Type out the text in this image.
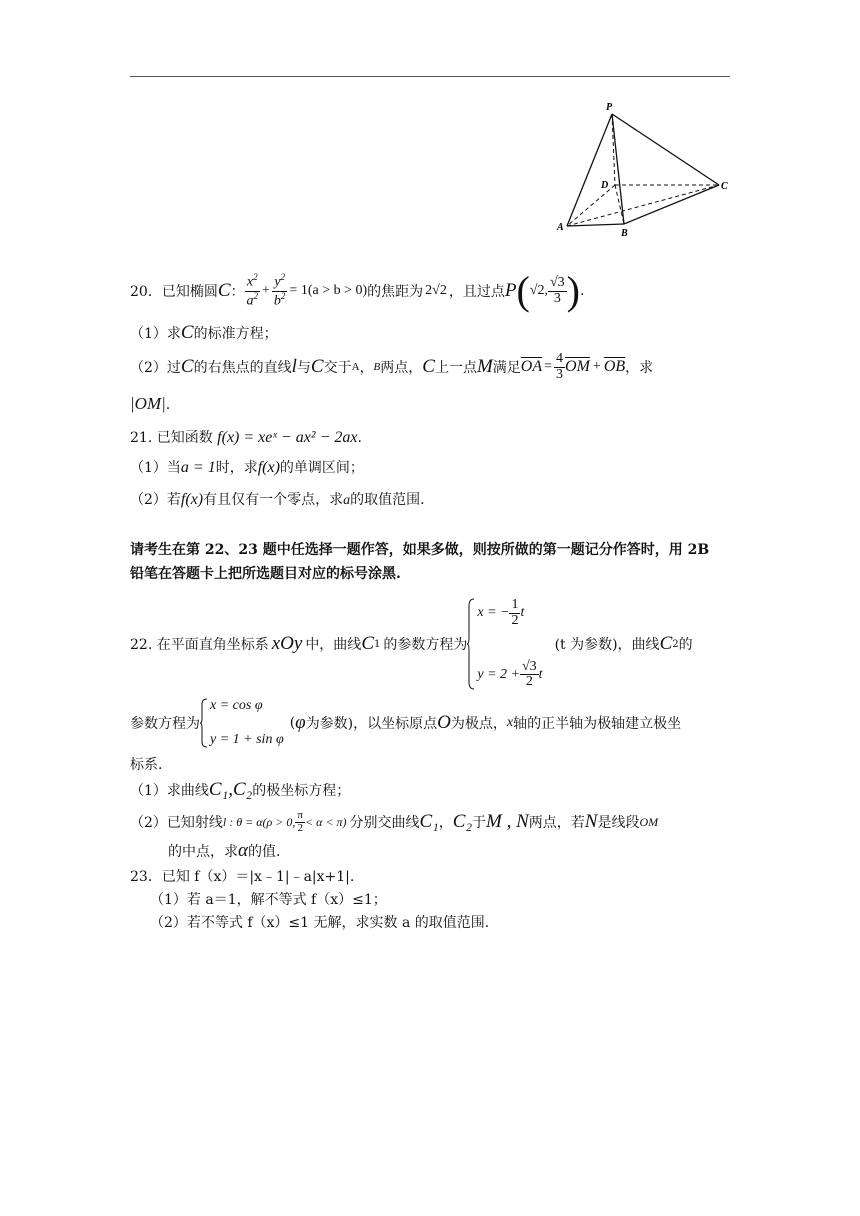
P
A
B
C
D
20．已知椭圆 C ： $\frac{x^2}{a^2} + \frac{y^2}{b^2} = 1(a > b > 0)$ 的焦距为 2√2 ，且过点 P ( √2, $\frac{√3}{3}$ ) .
（1）求C的标准方程；
（2）过 C 的右焦点的直线 l 与 C 交于 A ， B 两点， C 上一点 M 满足 $\overline{OA} = \frac{4}{3} \overline{OM} + \overline{OB}$ ，求
|OM|.
21. 已知函数 f(x) = xeˣ − ax² − 2ax.
（1）当a = 1时，求f(x)的单调区间；
（2）若f(x)有且仅有一个零点，求a的取值范围.
请考生在第 22、23 题中任选择一题作答，如果多做，则按所做的第一题记分作答时，用 2B
铅笔在答题卡上把所选题目对应的标号涂黑.
22. 在平面直角坐标系 xOy 中，曲线 C 1 的参数方程为
x = − $\frac{1}{2}$ t
$y = 2 + \frac{√3}{2}$ t
(t 为参数)，曲线 C 2 的
参数方程为
x = cos φ
y = 1 + sin φ
( φ 为参数)，以坐标原点 O 为极点， x 轴的正半轴为极轴建立极坐
标系.
（1）求曲线C₁,C₂的极坐标方程；
（2）已知射线 l : θ = α(ρ > 0, $\frac{\pi}{2} < \alpha < \pi$) 分别交曲线 C₁ ， C₂ 于 M , N 两点，若 N 是线段 OM
的中点，求α的值.
23．已知 f（x）＝|x﹣1|﹣a|x+1|.
（1）若 a＝1，解不等式 f（x）≤1；
（2）若不等式 f（x）≤1 无解，求实数 a 的取值范围.
